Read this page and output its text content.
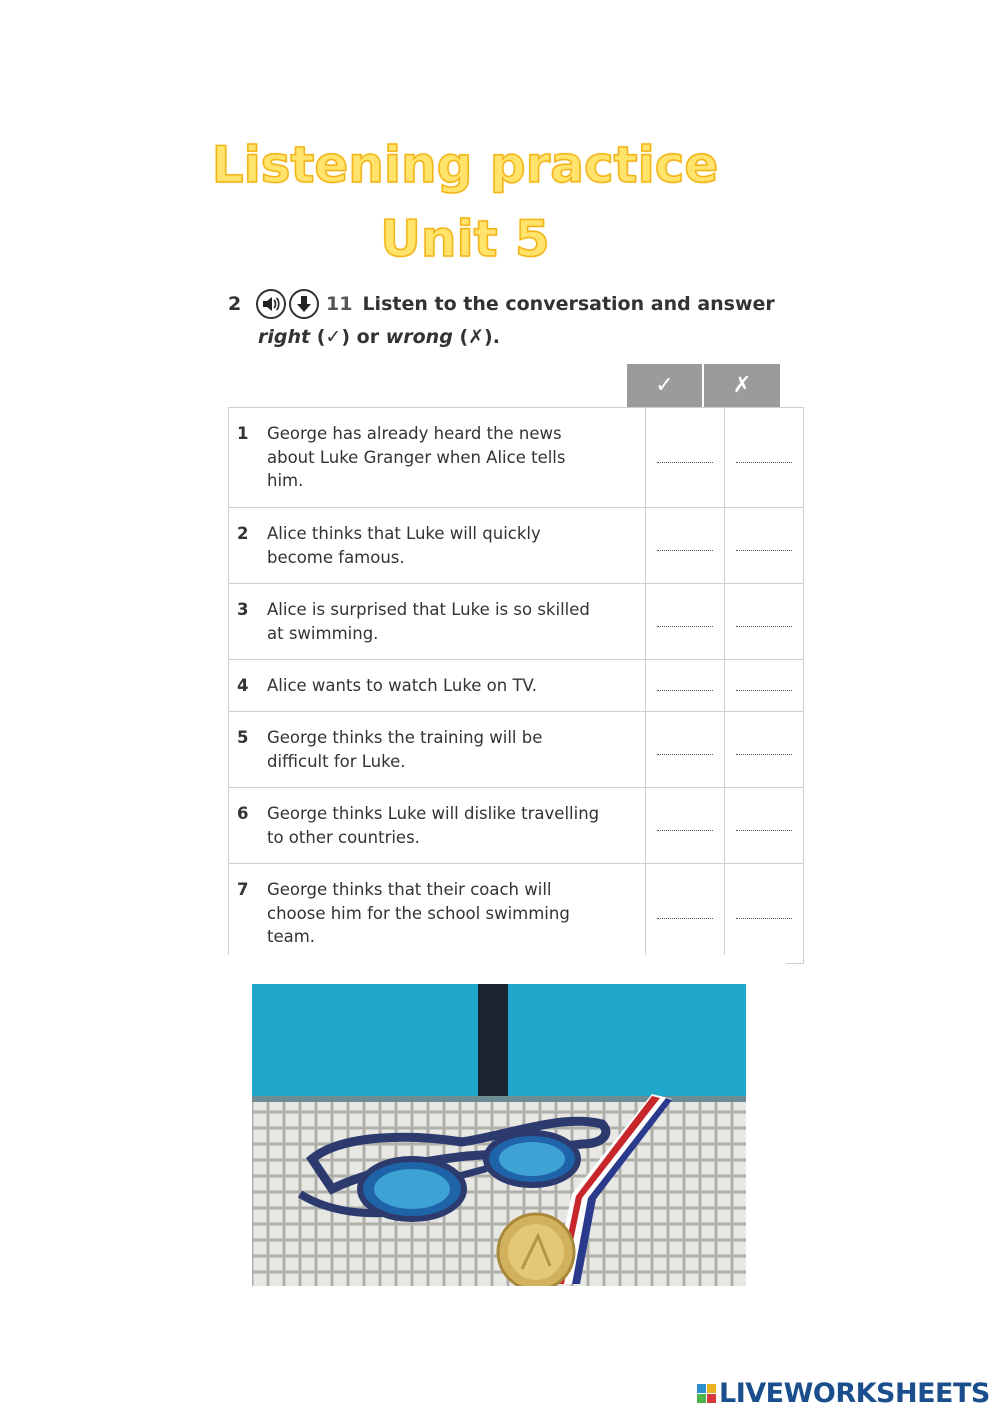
Listening practice
Unit 5
2	11 Listen to the conversation and answer
right (✓) or wrong (✗).
✓	✗
1 George has already heard the news about Luke Granger when Alice tells him.		
2 Alice thinks that Luke will quickly become famous.		
3 Alice is surprised that Luke is so skilled at swimming.		
4 Alice wants to watch Luke on TV.		
5 George thinks the training will be difficult for Luke.		
6 George thinks Luke will dislike travelling to other countries.		
7 George thinks that their coach will choose him for the school swimming team.		
LIVEWORKSHEETS
